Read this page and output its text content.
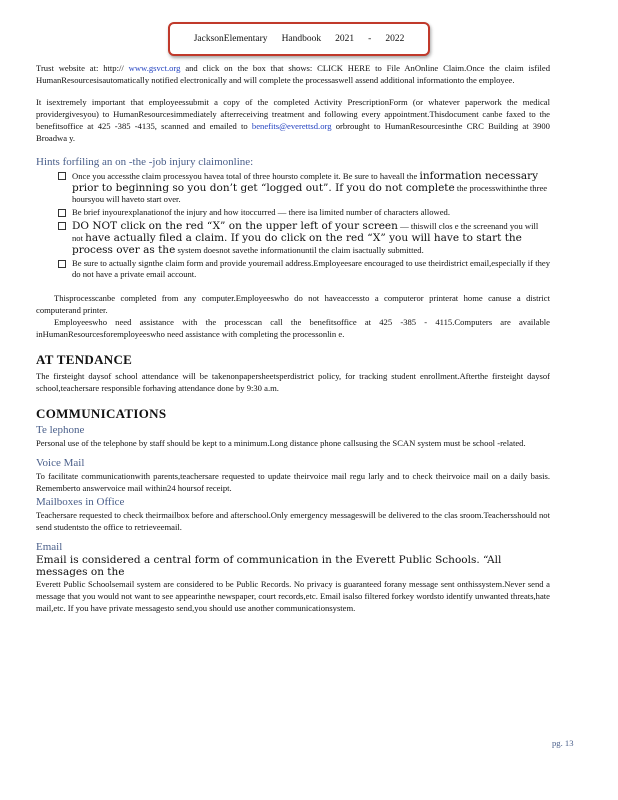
JacksonElementary Handbook 2021 - 2022

Trust website at: http:// www.gsvct.org and click on the box that shows: CLICK HERE to File AnOnline Claim.Once the claim isfiled HumanResourcesisautomatically notified electronically and will complete the processaswell assend additional informationto the employee.

It isextremely important that employeessubmit a copy of the completed Activity PrescriptionForm (or whatever paperwork the medical providergivesyou) to HumanResourcesimmediately afterreceiving treatment and following every appointment.Thisdocument canbe faxed to the benefitsoffice at 425 -385 -4135, scanned and emailed to benefits@everettsd.org orbrought to HumanResourcesinthe CRC Building at 3900 Broadwa y.

Hints forfiling an on -the -job injury claimonline:
Once you accessthe claim processyou havea total of three hoursto complete it. Be sure to haveall the information necessary prior to beginning so you don’t get “logged out”. If you do not complete the processwithinthe three hoursyou will haveto start over.
Be brief inyourexplanationof the injury and how itoccurred — there isa limited number of characters allowed.
DO NOT click on the red “X” on the upper left of your screen — thiswill clos e the screenand you will not have actually filed a claim. If you do click on the red “X” you will have to start the process over as the system doesnot savethe informationuntil the claim isactually submitted.
Be sure to actually signthe claim form and provide youremail address.Employeesare encouraged to use theirdistrict email,especially if they do not have a private email account.

Thisprocesscanbe completed from any computer.Employeeswho do not haveaccessto a computeror printerat home canuse a district computerand printer.

Employeeswho need assistance with the processcan call the benefitsoffice at 425 -385 - 4115.Computers are available inHumanResourcesforemployeeswho need assistance with completing the processonlin e.

AT TENDANCE

The firsteight daysof school attendance will be takenonpapersheetsperdistrict policy, for tracking student enrollment.Afterthe firsteight daysof school,teachersare responsible forhaving attendance done by 9:30 a.m.

COMMUNICATIONS
Te lephone

Personal use of the telephone by staff should be kept to a minimum.Long distance phone callsusing the SCAN system must be school -related.

Voice Mail

To facilitate communicationwith parents,teachersare requested to update theirvoice mail regu larly and to check theirvoice mail on a daily basis. Rememberto answervoice mail within24 hoursof receipt.

Mailboxes in Office

Teachersare requested to check theirmailbox before and afterschool.Only emergency messageswill be delivered to the clas sroom.Teachersshould not send studentsto the office to retrieveemail.

Email

Email is considered a central form of communication in the Everett Public Schools. “All messages on the

Everett Public Schoolsemail system are considered to be Public Records. No privacy is guaranteed forany message sent onthissystem.Never send a message that you would not want to see appearinthe newspaper, court records,etc. Email isalso filtered forkey wordsto identify unwanted threats,hate mail,etc. If you have private messagesto send,you should use another communicationsystem.

pg. 13
